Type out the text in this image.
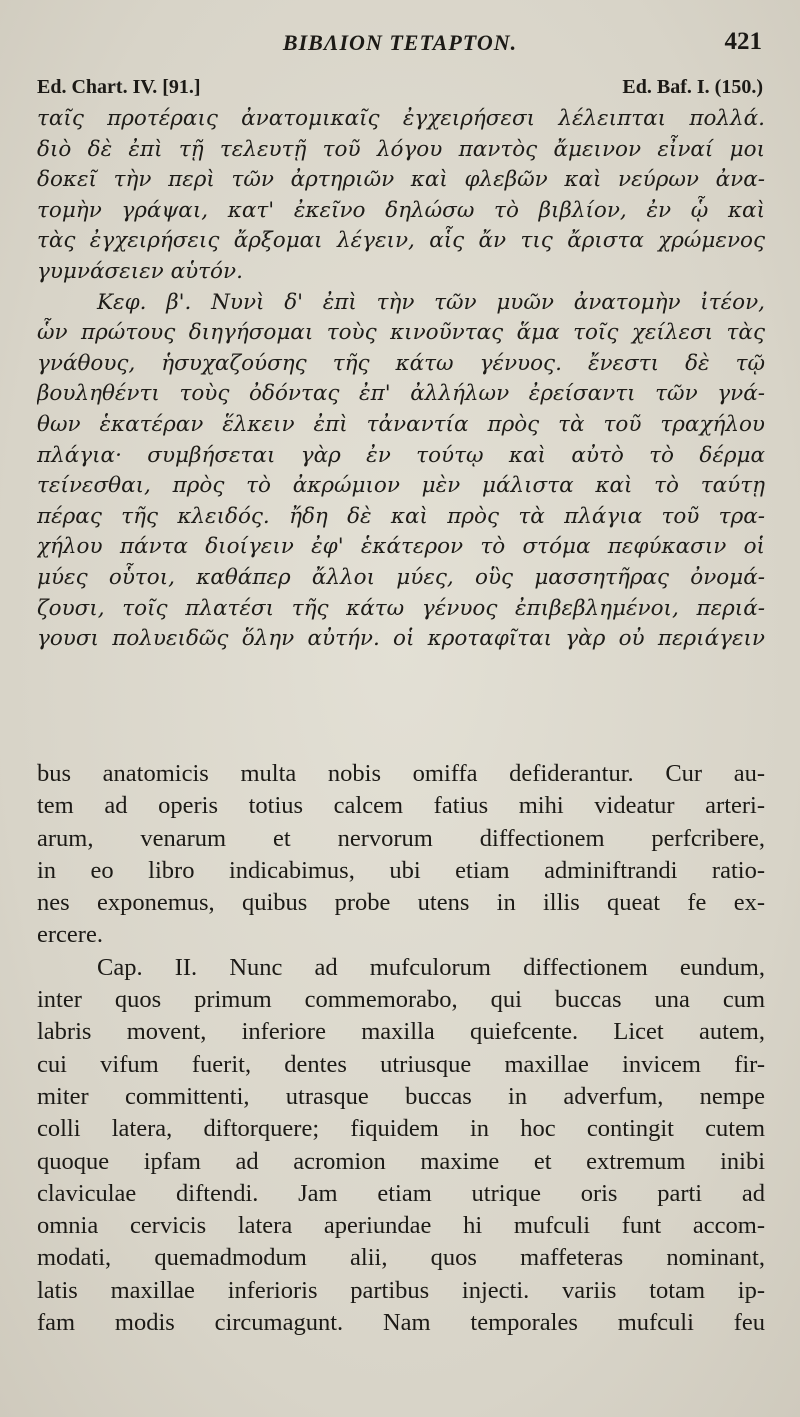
BIBΛION TETAPTON.	421
Ed. Chart. IV. [91.]	Ed. Baf. I. (150.)
ταῖς προτέραις ἀνατομικαῖς ἐγχειρήσεσι λέλειπται πολλά.
διὸ δὲ ἐπὶ τῇ τελευτῇ τοῦ λόγου παντὸς ἄμεινον εἶναί μοι
δοκεῖ τὴν περὶ τῶν ἀρτηριῶν καὶ φλεβῶν καὶ νεύρων ἀνα-
τομὴν γράψαι, κατ' ἐκεῖνο δηλώσω τὸ βιβλίον, ἐν ᾧ καὶ
τὰς ἐγχειρήσεις ἄρξομαι λέγειν, αἷς ἄν τις ἄριστα χρώμενος
γυμνάσειεν αὑτόν.
Κεφ. β'. Νυνὶ δ' ἐπὶ τὴν τῶν μυῶν ἀνατομὴν ἰτέον,
ὧν πρώτους διηγήσομαι τοὺς κινοῦντας ἅμα τοῖς χείλεσι τὰς
γνάθους, ἡσυχαζούσης τῆς κάτω γένυος. ἔνεστι δὲ τῷ
βουληθέντι τοὺς ὀδόντας ἐπ' ἀλλήλων ἐρείσαντι τῶν γνά-
θων ἑκατέραν ἕλκειν ἐπὶ τἀναντία πρὸς τὰ τοῦ τραχήλου
πλάγια· συμβήσεται γὰρ ἐν τούτῳ καὶ αὐτὸ τὸ δέρμα
τείνεσθαι, πρὸς τὸ ἀκρώμιον μὲν μάλιστα καὶ τὸ ταύτῃ
πέρας τῆς κλειδός. ἤδη δὲ καὶ πρὸς τὰ πλάγια τοῦ τρα-
χήλου πάντα διοίγειν ἐφ' ἑκάτερον τὸ στόμα πεφύκασιν οἱ
μύες οὗτοι, καθάπερ ἄλλοι μύες, οὓς μασσητῆρας ὀνομά-
ζουσι, τοῖς πλατέσι τῆς κάτω γένυος ἐπιβεβλημένοι, περιά-
γουσι πολυειδῶς ὅλην αὐτήν. οἱ κροταφῖται γὰρ οὐ περιάγειν
bus anatomicis multa nobis omiffa defiderantur. Cur au-
tem ad operis totius calcem fatius mihi videatur arteri-
arum, venarum et nervorum diffectionem perfcribere,
in eo libro indicabimus, ubi etiam adminiftrandi ratio-
nes exponemus, quibus probe utens in illis queat fe ex-
ercere.
Cap. II. Nunc ad mufculorum diffectionem eundum,
inter quos primum commemorabo, qui buccas una cum
labris movent, inferiore maxilla quiefcente. Licet autem,
cui vifum fuerit, dentes utriusque maxillae invicem fir-
miter committenti, utrasque buccas in adverfum, nempe
colli latera, diftorquere; fiquidem in hoc contingit cutem
quoque ipfam ad acromion maxime et extremum inibi
claviculae diftendi. Jam etiam utrique oris parti ad
omnia cervicis latera aperiundae hi mufculi funt accom-
modati, quemadmodum alii, quos maffeteras nominant,
latis maxillae inferioris partibus injecti. variis totam ip-
fam modis circumagunt. Nam temporales mufculi feu
